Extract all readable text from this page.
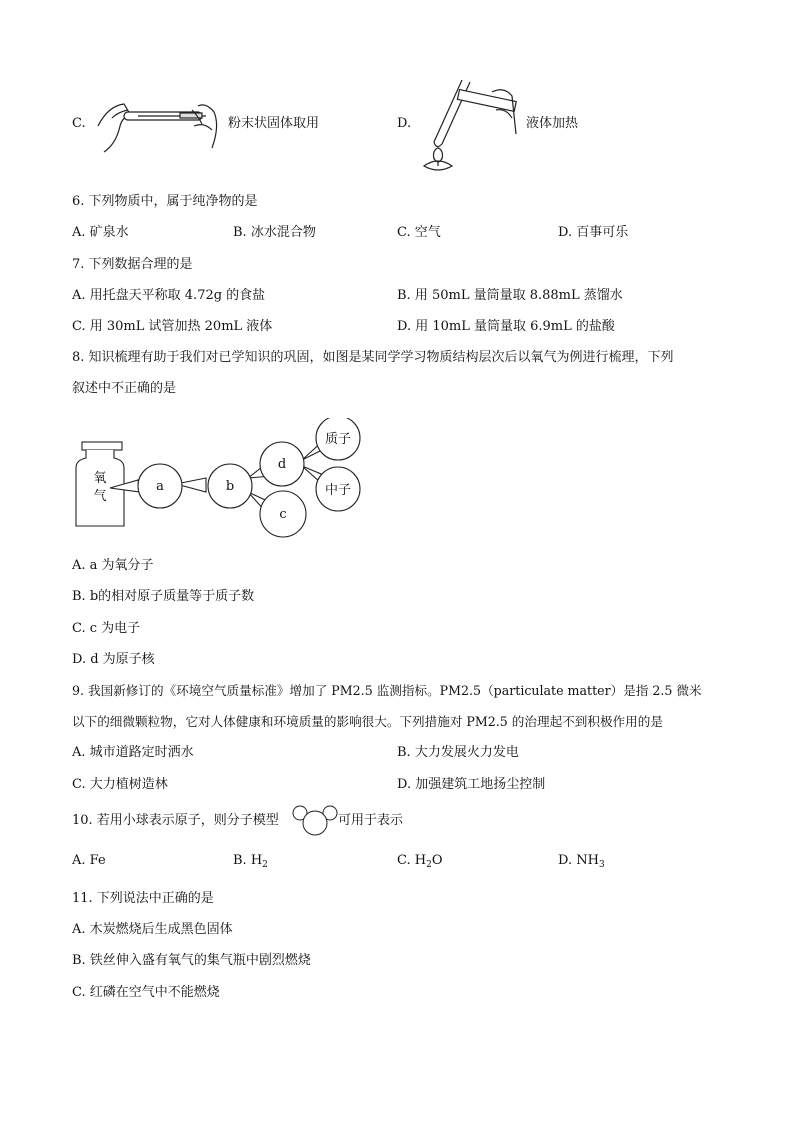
C.	粉末状固体取用	D.	液体加热
6. 下列物质中，属于纯净物的是
A. 矿泉水	B. 冰水混合物	C. 空气	D. 百事可乐
7. 下列数据合理的是
A. 用托盘天平称取 4.72g 的食盐	B. 用 50mL 量筒量取 8.88mL 蒸馏水
C. 用 30mL 试管加热 20mL 液体	D. 用 10mL 量筒量取 6.9mL 的盐酸
8. 知识梳理有助于我们对已学知识的巩固，如图是某同学学习物质结构层次后以氧气为例进行梳理，下列
叙述中不正确的是
氧
气
a	b
c
d
质子
中子
A. a 为氧分子
B. b的相对原子质量等于质子数
C. c 为电子
D. d 为原子核
9. 我国新修订的《环境空气质量标准》增加了 PM2.5 监测指标。PM2.5（particulate matter）是指 2.5 微米
以下的细微颗粒物，它对人体健康和环境质量的影响很大。下列措施对 PM2.5 的治理起不到积极作用的是
A. 城市道路定时洒水	B. 大力发展火力发电
C. 大力植树造林	D. 加强建筑工地扬尘控制
10. 若用小球表示原子，则分子模型	可用于表示
A. Fe	B. $H_2$	C. $H_2O$	D. $NH_3$
11. 下列说法中正确的是
A. 木炭燃烧后生成黑色固体
B. 铁丝伸入盛有氧气的集气瓶中剧烈燃烧
C. 红磷在空气中不能燃烧
